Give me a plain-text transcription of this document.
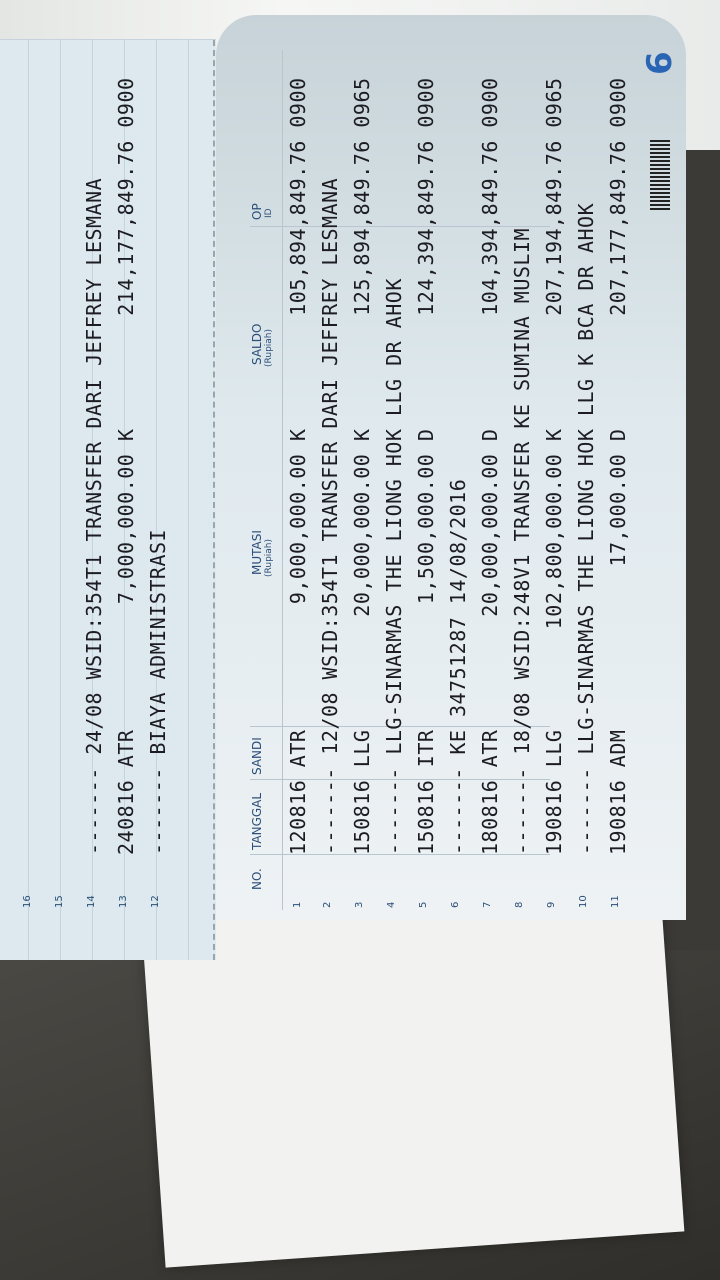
NO.
TANGGAL
SANDI
MUTASI (Rupiah)
SALDO (Rupiah)
OP ID
6
1 2 3 4 5 6 7 8 9 10 11
120816 ATR          9,000,000.00 K         105,894,849.76 0900 ------- 12/08 WSID:354T1 TRANSFER DARI JEFFREY LESMANA 150816 LLG         20,000,000.00 K         125,894,849.76 0965 ------- LLG-SINARMAS THE LIONG HOK LLG DR AHOK 150816 ITR          1,500,000.00 D         124,394,849.76 0900 ------- KE 34751287 14/08/2016 180816 ATR         20,000,000.00 D         104,394,849.76 0900 ------- 18/08 WSID:248V1 TRANSFER KE SUMINA MUSLIM 190816 LLG        102,800,000.00 K         207,194,849.76 0965 ------- LLG-SINARMAS THE LIONG HOK LLG K BCA DR AHOK 190816 ADM             17,000.00 D         207,177,849.76 0900
12
13
14
15
16
------- BIAYA ADMINISTRASI
240816 ATR          7,000,000.00 K         214,177,849.76 0900
------- 24/08 WSID:354T1 TRANSFER DARI JEFFREY LESMANA
